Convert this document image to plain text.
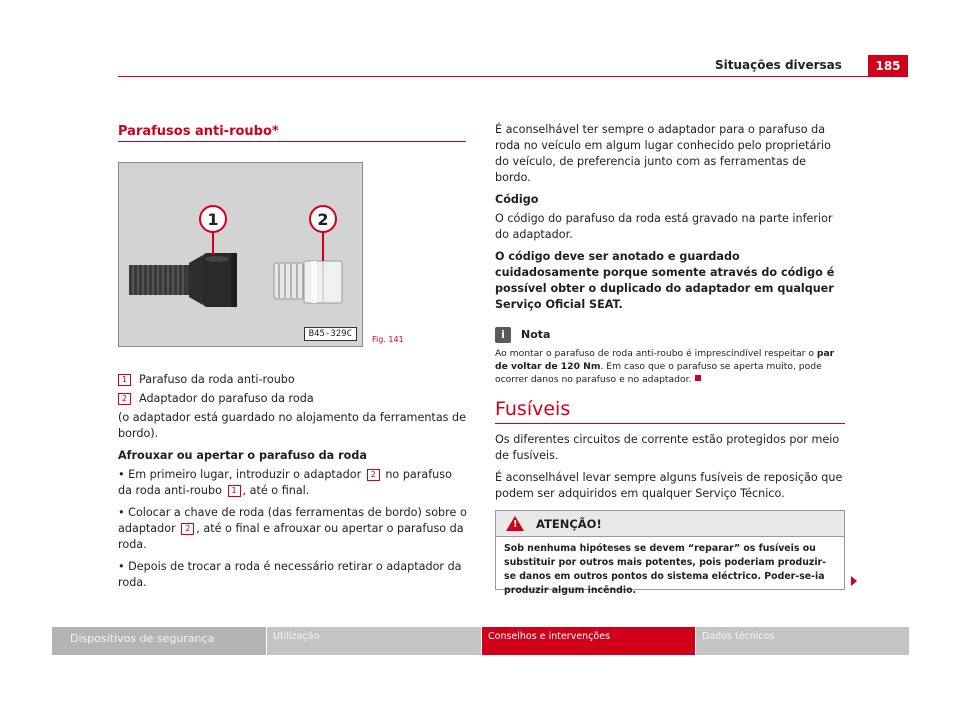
Situações diversas	185
Parafusos anti-roubo*
1	2
B45-329C
Fig. 141
1 Parafuso da roda anti-roubo
2 Adaptador do parafuso da roda
(o adaptador está guardado no alojamento da ferramentas de bordo).
Afrouxar ou apertar o parafuso da roda
• Em primeiro lugar, introduzir o adaptador 2 no parafuso da roda anti-roubo 1 , até o final.
• Colocar a chave de roda (das ferramentas de bordo) sobre o adaptador 2 , até o final e afrouxar ou apertar o parafuso da roda.
• Depois de trocar a roda é necessário retirar o adaptador da roda.
É aconselhável ter sempre o adaptador para o parafuso da roda no veículo em algum lugar conhecido pelo proprietário do veículo, de preferencia junto com as ferramentas de bordo.
Código
O código do parafuso da roda está gravado na parte inferior do adaptador.
O código deve ser anotado e guardado cuidadosamente porque somente através do código é possível obter o duplicado do adaptador em qualquer Serviço Oficial SEAT.
i	Nota
Ao montar o parafuso de roda anti-roubo é imprescindível respeitar o par de voltar de 120 Nm. Em caso que o parafuso se aperta muito, pode ocorrer danos no parafuso e no adaptador.
Fusíveis
Os diferentes circuitos de corrente estão protegidos por meio de fusíveis.
É aconselhável levar sempre alguns fusíveis de reposição que podem ser adquiridos em qualquer Serviço Técnico.
! ATENÇÃO!
Sob nenhuma hipóteses se devem “reparar” os fusíveis ou substituir por outros mais potentes, pois poderiam produzir-se danos em outros pontos do sistema eléctrico. Poder-se-ia produzir algum incêndio.
Dispositivos de segurança	Utilização	Conselhos e intervenções	Dados técnicos
